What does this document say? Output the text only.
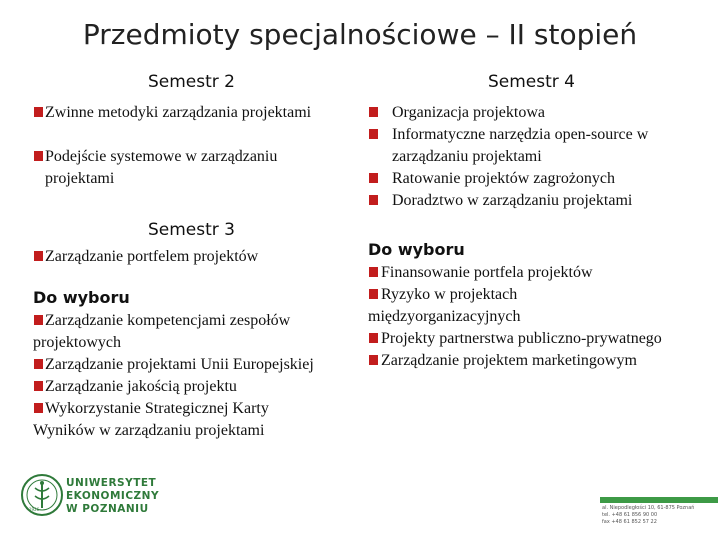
Przedmioty specjalnościowe – II stopień
Semestr 2
Zwinne metodyki zarządzania projektami
Podejście systemowe w zarządzaniu projektami
Semestr 4
Organizacja projektowa
Informatyczne narzędzia open-source w zarządzaniu projektami
Ratowanie projektów zagrożonych
Doradztwo w zarządzaniu projektami
Semestr 3
Zarządzanie portfelem projektów
Do wyboru
Zarządzanie kompetencjami zespołów projektowych
Zarządzanie projektami Unii Europejskiej
Zarządzanie jakością projektu
Wykorzystanie Strategicznej Karty Wyników w zarządzaniu projektami
Do wyboru
Finansowanie portfela projektów
Ryzyko w projektach międzyorganizacyjnych
Projekty partnerstwa publiczno-prywatnego
Zarządzanie projektem marketingowym
1926
UNIWERSYTET
EKONOMICZNY
W POZNANIU	al. Niepodległości 10, 61-875 Poznań
tel. +48 61 856 90 00
fax +48 61 852 57 22
